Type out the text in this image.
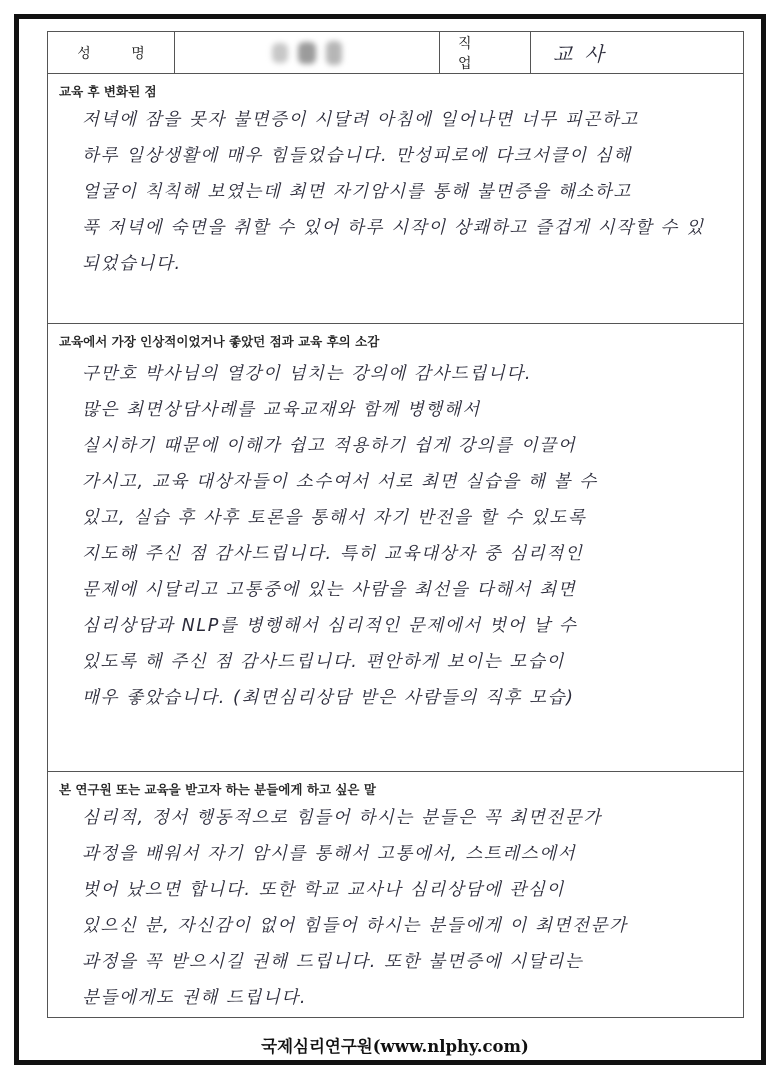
성 명
직 업	교사
교육 후 변화된 점
저녁에 잠을 못자 불면증이 시달려 아침에 일어나면 너무 피곤하고
하루 일상생활에 매우 힘들었습니다. 만성피로에 다크서클이 심해
얼굴이 칙칙해 보였는데 최면 자기암시를 통해 불면증을 해소하고
푹 저녁에 숙면을 취할 수 있어 하루 시작이 상쾌하고 즐겁게 시작할 수 있
되었습니다.
교육에서 가장 인상적이었거나 좋았던 점과 교육 후의 소감
구만호 박사님의 열강이 넘치는 강의에 감사드립니다.
많은 최면상담사례를 교육교재와 함께 병행해서
실시하기 때문에 이해가 쉽고 적용하기 쉽게 강의를 이끌어
가시고, 교육 대상자들이 소수여서 서로 최면 실습을 해 볼 수
있고, 실습 후 사후 토론을 통해서 자기 반전을 할 수 있도록
지도해 주신 점 감사드립니다. 특히 교육대상자 중 심리적인
문제에 시달리고 고통중에 있는 사람을 최선을 다해서 최면
심리상담과 NLP를 병행해서 심리적인 문제에서 벗어 날 수
있도록 해 주신 점 감사드립니다. 편안하게 보이는 모습이
매우 좋았습니다. (최면심리상담 받은 사람들의 직후 모습)
본 연구원 또는 교육을 받고자 하는 분들에게 하고 싶은 말
심리적, 정서 행동적으로 힘들어 하시는 분들은 꼭 최면전문가
과정을 배워서 자기 암시를 통해서 고통에서, 스트레스에서
벗어 났으면 합니다. 또한 학교 교사나 심리상담에 관심이
있으신 분, 자신감이 없어 힘들어 하시는 분들에게 이 최면전문가
과정을 꼭 받으시길 권해 드립니다. 또한 불면증에 시달리는
분들에게도 권해 드립니다.
국제심리연구원(www.nlphy.com)
